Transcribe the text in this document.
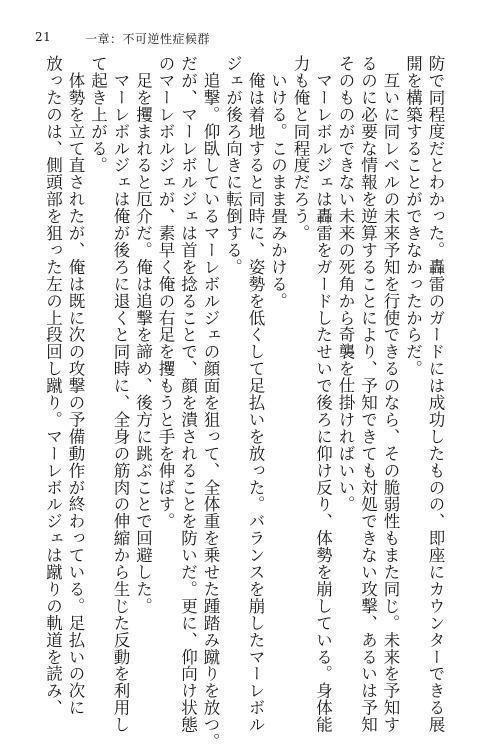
21	一章：不可逆性症候群
防で同程度だとわかった。轟雷のガードには成功したものの、即座にカウンターできる展
開を構築することができなかったからだ。
　互いに同レベルの未来予知を行使できるのなら、その脆弱性もまた同じ。未来を予知す
るのに必要な情報を逆算することにより、予知できても対処できない攻撃、あるいは予知
そのものができない未来の死角から奇襲を仕掛ければいい。
　マーレボルジェは轟雷をガードしたせいで後ろに仰け反り、体勢を崩している。身体能
力も俺と同程度だろう。
　いける。このまま畳みかける。
　俺は着地すると同時に、姿勢を低くして足払いを放った。バランスを崩したマーレボル
ジェが後ろ向きに転倒する。
　追撃。仰臥しているマーレボルジェの顔面を狙って、全体重を乗せた踵踏み蹴りを放つ。
だが、マーレボルジェは首を捻ることで、顔を潰されることを防いだ。更に、仰向け状態
のマーレボルジェが、素早く俺の右足を攫もうと手を伸ばす。
　足を攫まれると厄介だ。俺は追撃を諦め、後方に跳ぶことで回避した。
　マーレボルジェは俺が後ろに退くと同時に、全身の筋肉の伸縮から生じた反動を利用し
て起き上がる。
　体勢を立て直されたが、俺は既に次の攻撃の予備動作が終わっている。足払いの次に
放ったのは、側頭部を狙った左の上段回し蹴り。マーレボルジェは蹴りの軌道を読み、
